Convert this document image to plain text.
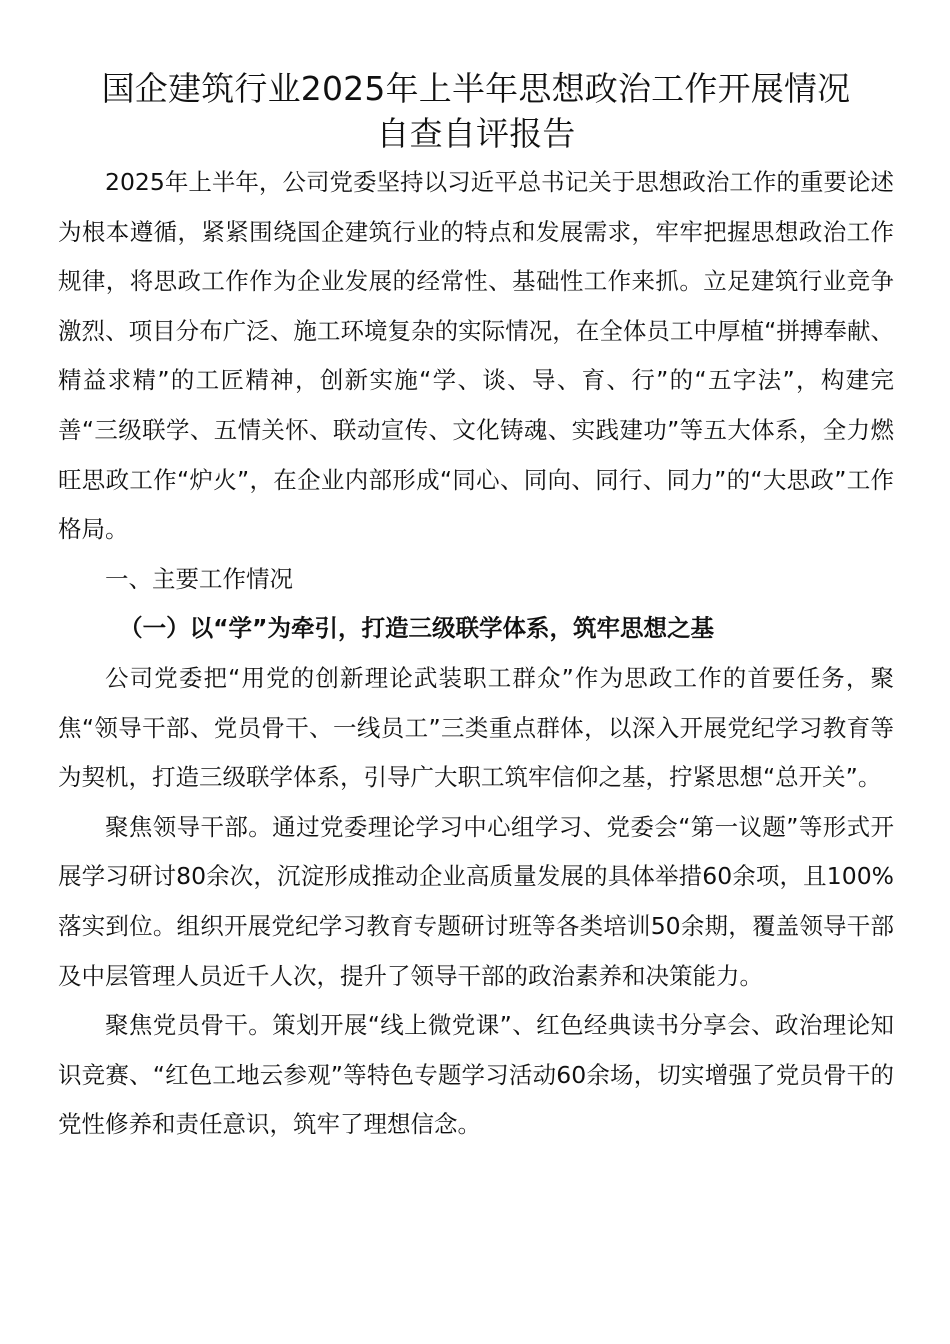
国企建筑行业2025年上半年思想政治工作开展情况
自查自评报告

2025年上半年，公司党委坚持以习近平总书记关于思想政治工作的重要论述为根本遵循，紧紧围绕国企建筑行业的特点和发展需求，牢牢把握思想政治工作规律，将思政工作作为企业发展的经常性、基础性工作来抓。立足建筑行业竞争激烈、项目分布广泛、施工环境复杂的实际情况，在全体员工中厚植“拼搏奉献、精益求精”的工匠精神，创新实施“学、谈、导、育、行”的“五字法”，构建完善“三级联学、五情关怀、联动宣传、文化铸魂、实践建功”等五大体系，全力燃旺思政工作“炉火”，在企业内部形成“同心、同向、同行、同力”的“大思政”工作格局。

一、主要工作情况

（一）以“学”为牵引，打造三级联学体系，筑牢思想之基

公司党委把“用党的创新理论武装职工群众”作为思政工作的首要任务，聚焦“领导干部、党员骨干、一线员工”三类重点群体，以深入开展党纪学习教育等为契机，打造三级联学体系，引导广大职工筑牢信仰之基，拧紧思想“总开关”。

聚焦领导干部。通过党委理论学习中心组学习、党委会“第一议题”等形式开展学习研讨80余次，沉淀形成推动企业高质量发展的具体举措60余项，且100%落实到位。组织开展党纪学习教育专题研讨班等各类培训50余期，覆盖领导干部及中层管理人员近千人次，提升了领导干部的政治素养和决策能力。

聚焦党员骨干。策划开展“线上微党课”、红色经典读书分享会、政治理论知识竞赛、“红色工地云参观”等特色专题学习活动60余场，切实增强了党员骨干的党性修养和责任意识，筑牢了理想信念。
